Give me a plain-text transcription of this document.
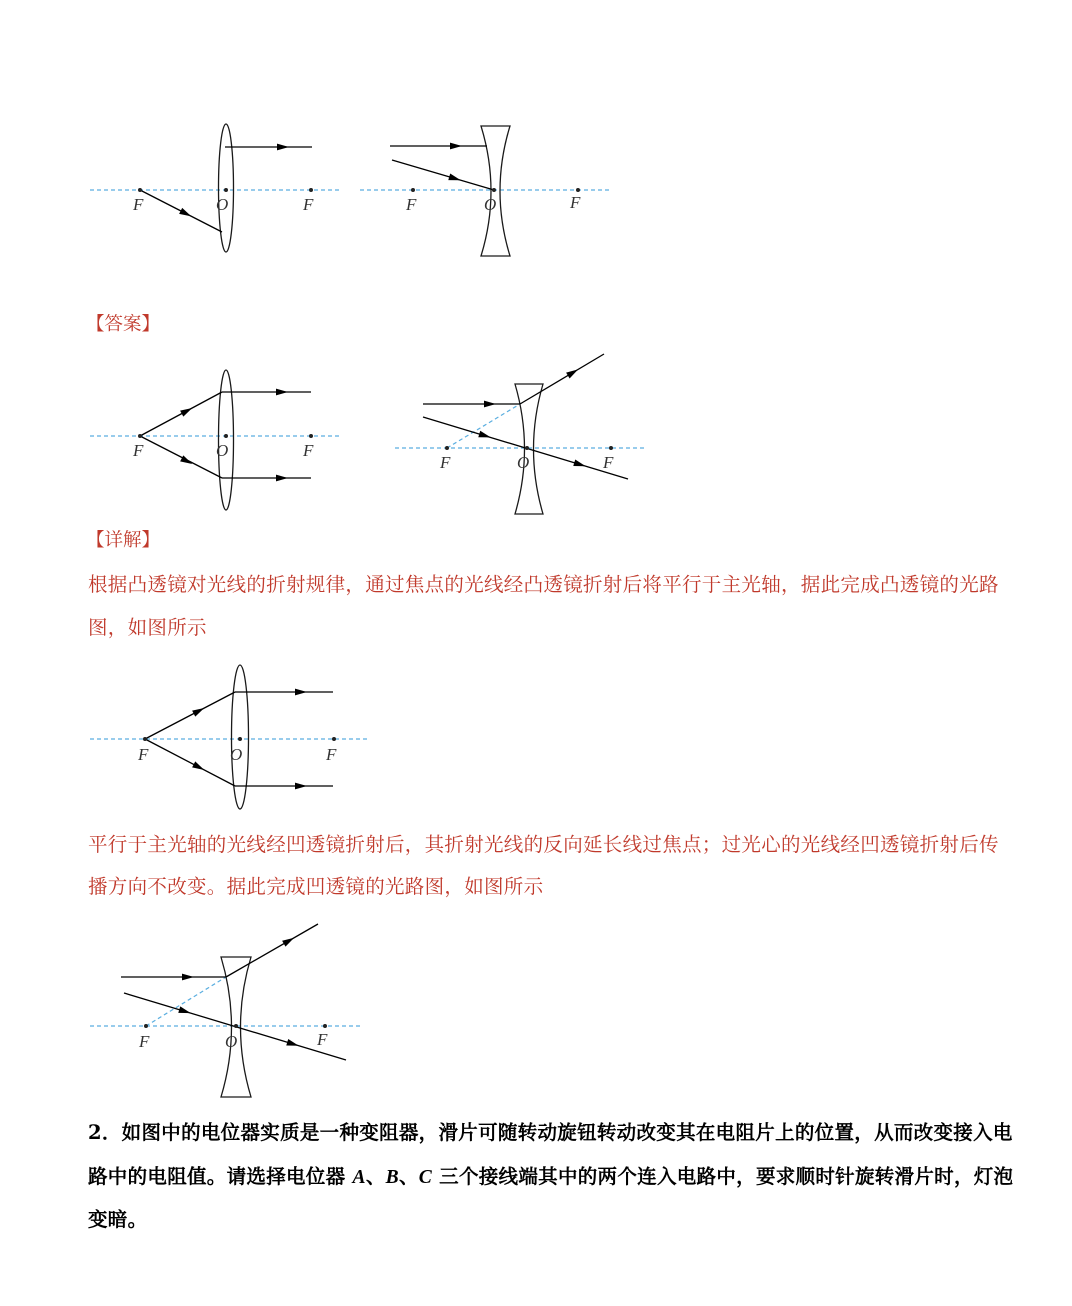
F	O	F	F	O	F
F	O	F
F	O	F
F	O	F
F	O	F
【答案】
【详解】
根据凸透镜对光线的折射规律，通过焦点的光线经凸透镜折射后将平行于主光轴，据此完成凸透镜的光路
图，如图所示
平行于主光轴的光线经凹透镜折射后，其折射光线的反向延长线过焦点；过光心的光线经凹透镜折射后传
播方向不改变。据此完成凹透镜的光路图，如图所示
2．如图中的电位器实质是一种变阻器，滑片可随转动旋钮转动改变其在电阻片上的位置，从而改变接入电
路中的电阻值。请选择电位器 A、B、C 三个接线端其中的两个连入电路中，要求顺时针旋转滑片时，灯泡
变暗。
